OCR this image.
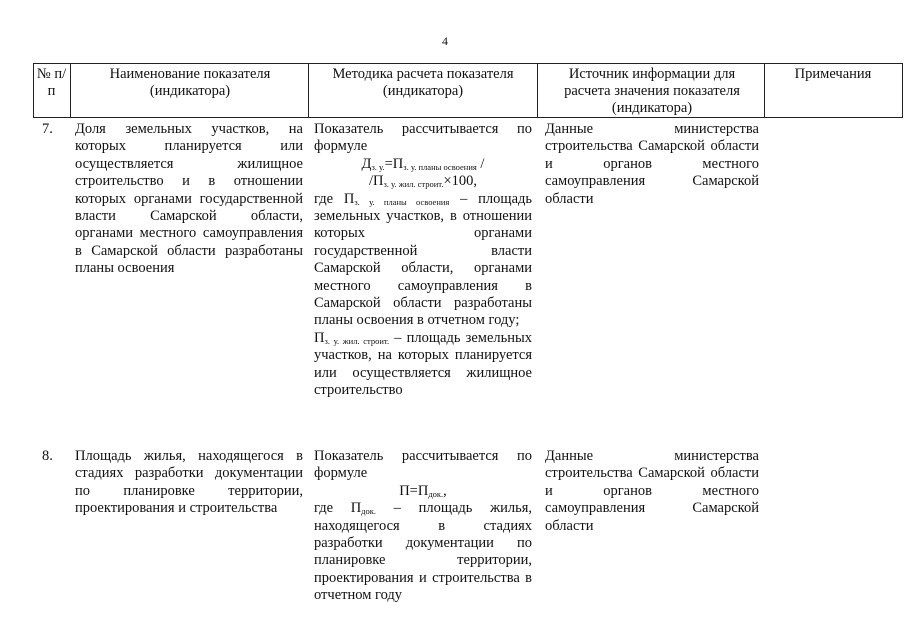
4
№ п/п
Наименование показателя (индикатора)
Методика расчета показателя (индикатора)
Источник информации для расчета значения показателя (индикатора)
Примечания
7. Доля земельных участков, на которых планируется или осуществляется жилищное строительство и в отношении которых органами государственной власти Самарской области, органами местного самоуправления в Самарской области разработаны планы освоения
Показатель рассчитывается по формуле
$Д_{з. у.}=П_{з. у. планы освоения}$ /
$/П_{з. у. жил. строит.}\times 100$,
где $П_{з. у. планы освоения}$ – площадь земельных участков, в отношении которых органами государственной власти Самарской области, органами местного самоуправления в Самарской области разработаны планы освоения в отчетном году;
$П_{з. у. жил. строит.}$ – площадь земельных участков, на которых планируется или осуществляется жилищное строительство
Данные министерства строительства Самарской области и органов местного самоуправления Самарской области
8. Площадь жилья, находящегося в стадиях разработки документации по планировке территории, проектирования и строительства
Показатель рассчитывается по формуле
$П=П_{док.}$,
где $П_{док.}$ – площадь жилья, находящегося в стадиях разработки документации по планировке территории, проектирования и строительства в отчетном году
Данные министерства строительства Самарской области и органов местного самоуправления Самарской области
